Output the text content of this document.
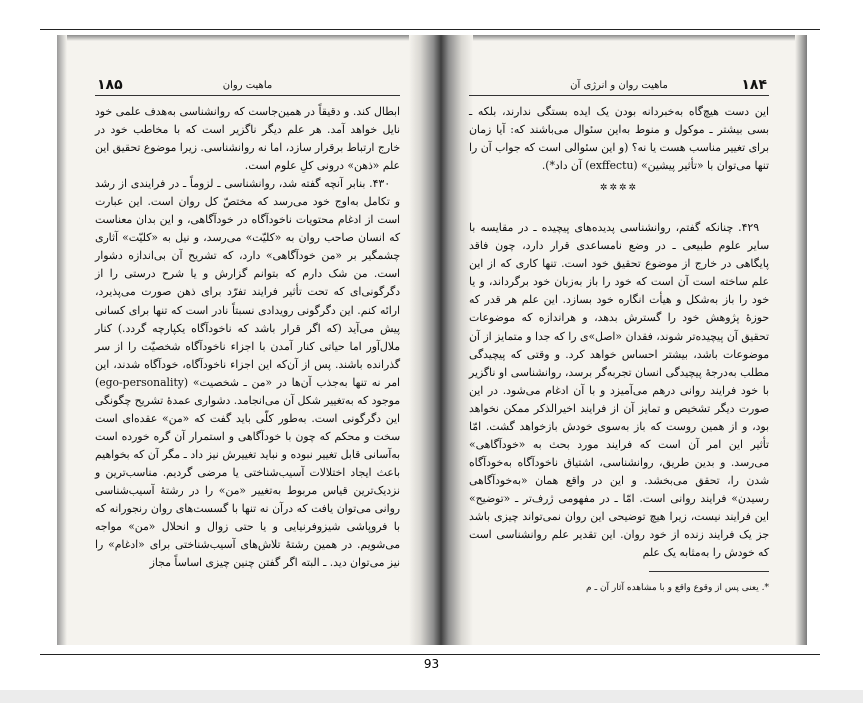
۱۸۵	ماهیت روان

ابطال کند. و دقیقاً در همین‌جاست که روانشناسی به‌هدف علمی خود نایل خواهد آمد. هر علم دیگر ناگزیر است که با مخاطب خود در خارج ارتباط برقرار سازد، اما نه روانشناسی. زیرا موضوع تحقیق این علم «ذهن» درونی کلِ علوم است.

۴۳۰. بنابر آنچه گفته شد، روانشناسی ـ لزوماً ـ در فرایندی از رشد و تکامل به‌اوج خود می‌رسد که مختصّ کل روان است. این عبارت است از ادغام محتویات ناخودآگاه در خودآگاهی، و این بدان معناست که انسان صاحب روان به «کلیّت» می‌رسد، و نیل به «کلیّت» آثاری چشمگیر بر «من خودآگاهی» دارد، که تشریح آن بی‌اندازه دشوار است. من شک دارم که بتوانم گزارش و یا شرح درستی را از دگرگونی‌ای که تحت تأثیر فرایند تفرّد برای ذهن صورت می‌پذیرد، ارائه کنم. این دگرگونی رویدادی نسبتاً نادر است که تنها برای کسانی پیش می‌آید (که اگر قرار باشد که ناخودآگاه یکپارچه گردد.) کنار ملال‌آور اما حیاتی کنار آمدن با اجزاء ناخودآگاه شخصیّت را از سر گذرانده باشند. پس از آن‌که این اجزاء ناخودآگاه، خودآگاه شدند، این امر نه تنها به‌جذب آن‌ها در «من ـ شخصیت» (ego-personality) موجود که به‌تغییر شکل آن می‌انجامد. دشواری عمدهٔ تشریح چگونگی این دگرگونی است. به‌طور کلّی باید گفت که «من» عقده‌ای است سخت و محکم که چون با خودآگاهی و استمرار آن گره خورده است به‌آسانی قابل تغییر نبوده و نباید تغییرش نیز داد ـ مگر آن که بخواهیم باعث ایجاد اختلالات آسیب‌شناختی یا مرضی گردیم. مناسب‌ترین و نزدیک‌ترین قیاس مربوط به‌تغییر «من» را در رشتهٔ آسیب‌شناسی روانی می‌توان یافت که درآن نه تنها با گسست‌های روان رنجورانه که با فروپاشی شیزوفرنیایی و یا حتی زوال و انحلال «من» مواجه می‌شویم. در همین رشتهٔ تلاش‌های آسیب‌شناختی برای «ادغام» را نیز می‌توان دید. ـ البته اگر گفتن چنین چیزی اساساً مجاز

۱۸۴
ماهیت روان و انرژی آن

این دست هیچ‌گاه به‌خبردانه بودن یک ایده بستگی ندارند، بلکه ـ بسی بیشتر ـ موکول و منوط به‌این سئوال می‌باشند که: آیا زمان برای تغییر مناسب هست یا نه؟ (و این سئوالی است که جواب آن را تنها می‌توان با «تأثیر پیشین» (exffectu) آن داد*).

✲✲✲✲

۴۲۹. چنانکه گفتم، روانشناسی پدیده‌های پیچیده ـ در مقایسه با سایر علوم طبیعی ـ در وضع نامساعدی قرار دارد، چون فاقد پایگاهی در خارج از موضوع تحقیق خود است. تنها کاری که از این علم ساخته است آن است که خود را باز به‌زبان خود برگرداند، و یا خود را باز به‌شکل و هیأت انگاره خود بسازد. این علم هر قدر که حوزهٔ پژوهش خود را گسترش بدهد، و هراندازه که موضوعات تحقیق آن پیچیده‌تر شوند، فقدان «اصل»ی را که جدا و متمایز از آن موضوعات باشد، بیشتر احساس خواهد کرد. و وقتی که پیچیدگی مطلب به‌درجهٔ پیچیدگی انسان تجربه‌گر برسد، روانشناسی او ناگزیر با خود فرایند روانی درهم می‌آمیزد و با آن ادغام می‌شود. در این صورت دیگر تشخیص و تمایز آن از فرایند اخیرالذکر ممکن نخواهد بود، و از همین روست که باز به‌سوی خودش بازخواهد گشت. امّا تأثیر این امر آن است که فرایند مورد بحث به «خودآگاهی» می‌رسد. و بدین طریق، روانشناسی، اشتیاق ناخودآگاه به‌خودآگاه شدن را، تحقق می‌بخشد. و این در واقع همان «به‌خودآگاهی رسیدن» فرایند روانی است. امّا ـ در مفهومی ژرف‌تر ـ «توضیح» این فرایند نیست، زیرا هیچ توضیحی این روان نمی‌تواند چیزی باشد جز یک فرایند زنده از خود روان. این تقدیر علم روانشناسی است که خودش را به‌مثابه یک علم

*. یعنی پس از وقوع واقع و با مشاهده آثار آن ـ م
93
